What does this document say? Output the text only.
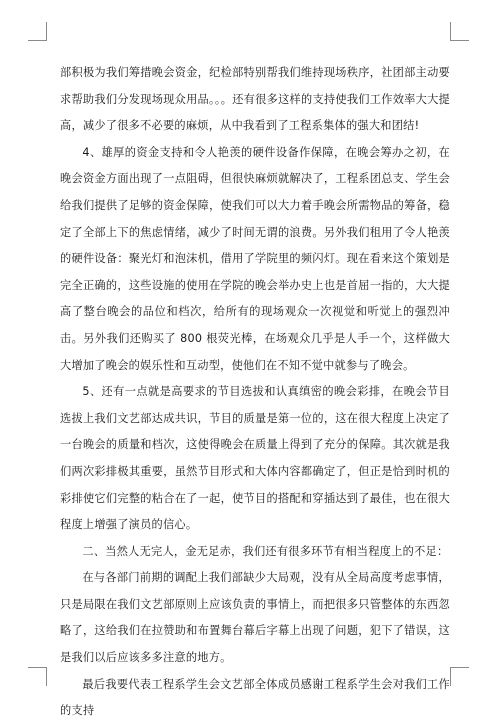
部积极为我们筹措晚会资金，纪检部特别帮我们维持现场秩序，社团部主动要求帮助我们分发现场现众用品。。。还有很多这样的支持使我们工作效率大大提高，减少了很多不必要的麻烦，从中我看到了工程系集体的强大和团结!

4、雄厚的资金支持和令人艳羡的硬件设备作保障，在晚会筹办之初，在晚会资金方面出现了一点阻碍，但很快麻烦就解决了，工程系团总支、学生会给我们提供了足够的资金保障，使我们可以大力着手晚会所需物品的筹备，稳定了全部上下的焦虑情绪，减少了时间无谓的浪费。另外我们租用了令人艳羡的硬件设备：聚光灯和泡沫机，借用了学院里的频闪灯。现在看来这个策划是完全正确的，这些设施的使用在学院的晚会举办史上也是首屈一指的，大大提高了整台晚会的品位和档次，给所有的现场观众一次视觉和听觉上的强烈冲击。另外我们还购买了 800 根荧光棒，在场观众几乎是人手一个，这样做大大增加了晚会的娱乐性和互动型，使他们在不知不觉中就参与了晚会。

5、还有一点就是高要求的节目选拔和认真缜密的晚会彩排，在晚会节目选拔上我们文艺部达成共识，节目的质量是第一位的，这在很大程度上决定了一台晚会的质量和档次，这使得晚会在质量上得到了充分的保障。其次就是我们两次彩排极其重要，虽然节目形式和大体内容都确定了，但正是恰到时机的彩排使它们完整的粘合在了一起，使节目的搭配和穿插达到了最佳，也在很大程度上增强了演员的信心。

二、当然人无完人，金无足赤，我们还有很多环节有相当程度上的不足：

在与各部门前期的调配上我们部缺少大局观，没有从全局高度考虑事情，只是局限在我们文艺部原则上应该负责的事情上，而把很多只管整体的东西忽略了，这给我们在拉赞助和布置舞台幕后字幕上出现了问题，犯下了错误，这是我们以后应该多多注意的地方。

最后我要代表工程系学生会文艺部全体成员感谢工程系学生会对我们工作的支持
